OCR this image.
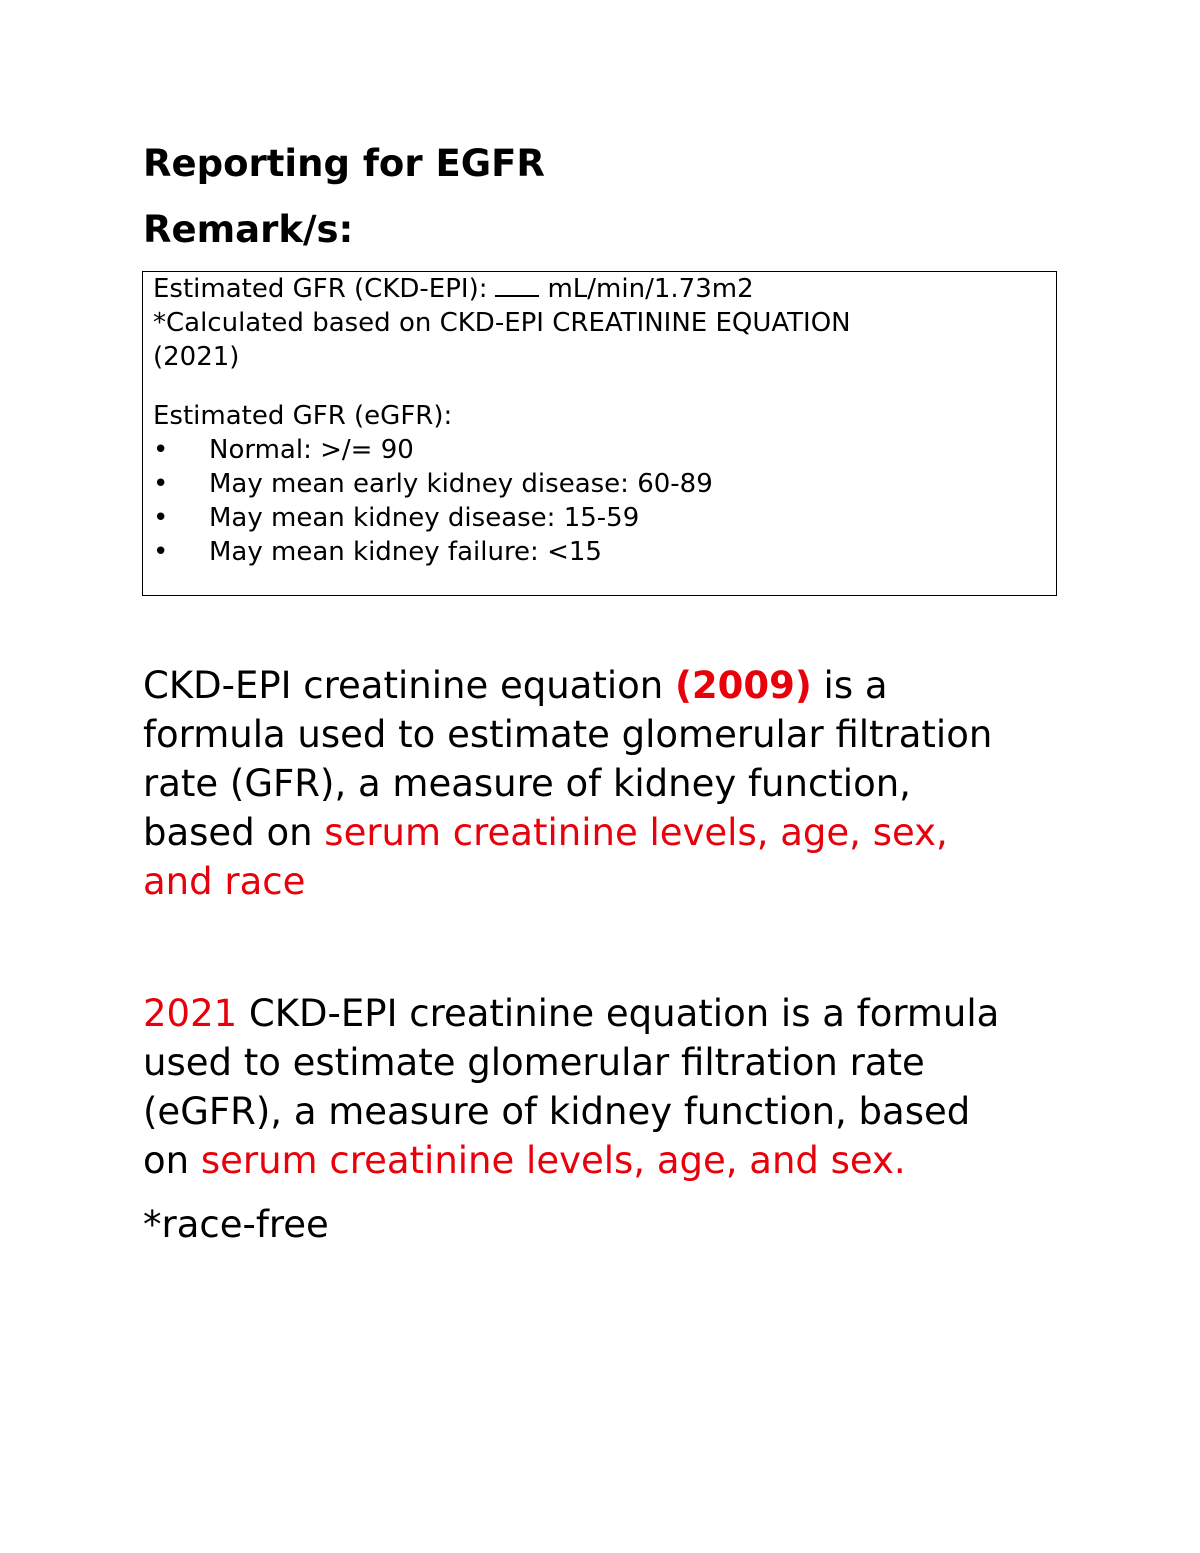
Reporting for EGFR
Remark/s:
Estimated GFR (CKD-EPI): mL/min/1.73m2
*Calculated based on CKD-EPI CREATININE EQUATION
(2021)
Estimated GFR (eGFR):
• Normal: >/= 90
• May mean early kidney disease: 60-89
• May mean kidney disease: 15-59
• May mean kidney failure: <15
CKD-EPI creatinine equation (2009) is a
formula used to estimate glomerular filtration
rate (GFR), a measure of kidney function,
based on serum creatinine levels, age, sex,
and race
2021 CKD-EPI creatinine equation is a formula
used to estimate glomerular filtration rate
(eGFR), a measure of kidney function, based
on serum creatinine levels, age, and sex.
*race-free
